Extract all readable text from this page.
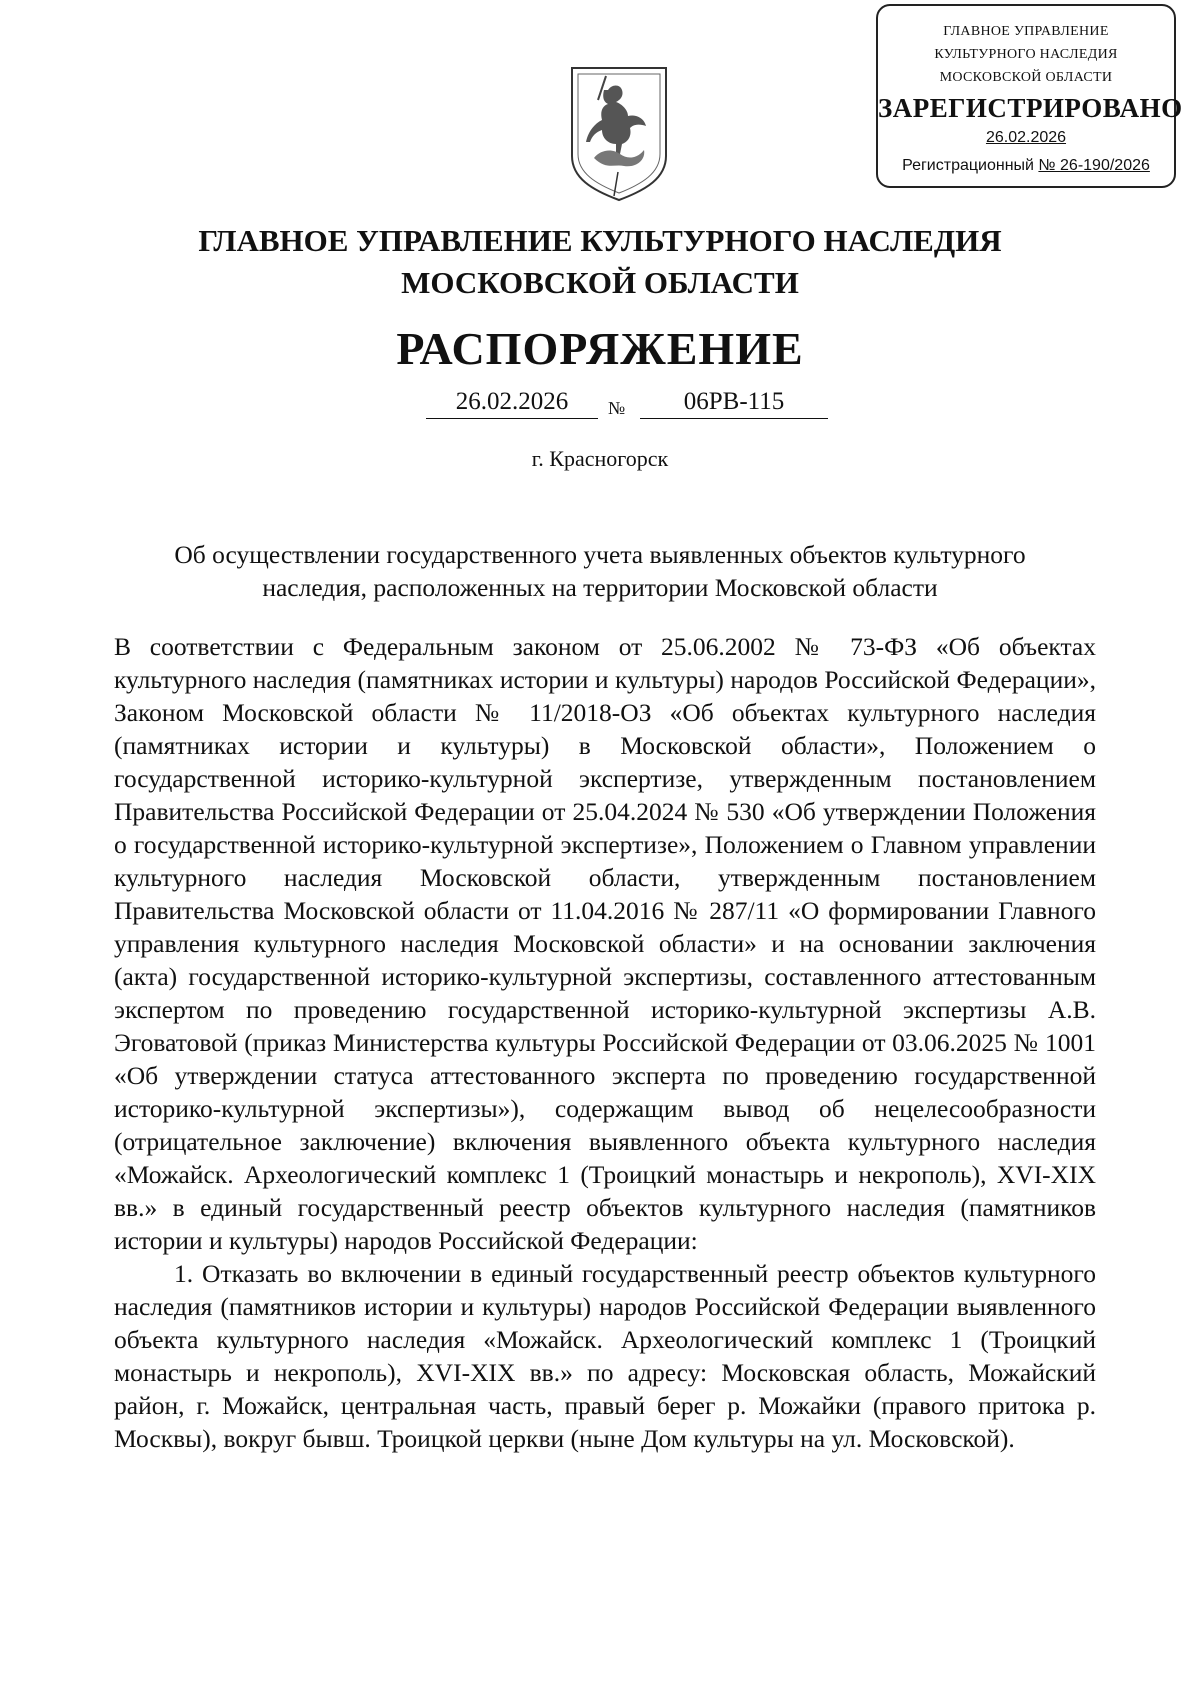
ГЛАВНОЕ УПРАВЛЕНИЕ
КУЛЬТУРНОГО НАСЛЕДИЯ
МОСКОВСКОЙ ОБЛАСТИ
ЗАРЕГИСТРИРОВАНО
26.02.2026
Регистрационный № 26-190/2026
ГЛАВНОЕ УПРАВЛЕНИЕ КУЛЬТУРНОГО НАСЛЕДИЯ
МОСКОВСКОЙ ОБЛАСТИ
РАСПОРЯЖЕНИЕ
26.02.2026	№	06РВ-115
г. Красногорск
Об осуществлении государственного учета выявленных объектов культурного наследия, расположенных на территории Московской области

В соответствии с Федеральным законом от 25.06.2002 № 73-ФЗ «Об объектах культурного наследия (памятниках истории и культуры) народов Российской Федерации», Законом Московской области № 11/2018-ОЗ «Об объектах культурного наследия (памятниках истории и культуры) в Московской области», Положением о государственной историко-культурной экспертизе, утвержденным постановлением Правительства Российской Федерации от 25.04.2024 № 530 «Об утверждении Положения о государственной историко-культурной экспертизе», Положением о Главном управлении культурного наследия Московской области, утвержденным постановлением Правительства Московской области от 11.04.2016 № 287/11 «О формировании Главного управления культурного наследия Московской области» и на основании заключения (акта) государственной историко-культурной экспертизы, составленного аттестованным экспертом по проведению государственной историко-культурной экспертизы А.В. Эговатовой (приказ Министерства культуры Российской Федерации от 03.06.2025 № 1001 «Об утверждении статуса аттестованного эксперта по проведению государственной историко-культурной экспертизы»), содержащим вывод об нецелесообразности (отрицательное заключение) включения выявленного объекта культурного наследия «Можайск. Археологический комплекс 1 (Троицкий монастырь и некрополь), XVI-XIX вв.» в единый государственный реестр объектов культурного наследия (памятников истории и культуры) народов Российской Федерации:

1. Отказать во включении в единый государственный реестр объектов культурного наследия (памятников истории и культуры) народов Российской Федерации выявленного объекта культурного наследия «Можайск. Археологический комплекс 1 (Троицкий монастырь и некрополь), XVI-XIX вв.» по адресу: Московская область, Можайский район, г. Можайск, центральная часть, правый берег р. Можайки (правого притока р. Москвы), вокруг бывш. Троицкой церкви (ныне Дом культуры на ул. Московской).
